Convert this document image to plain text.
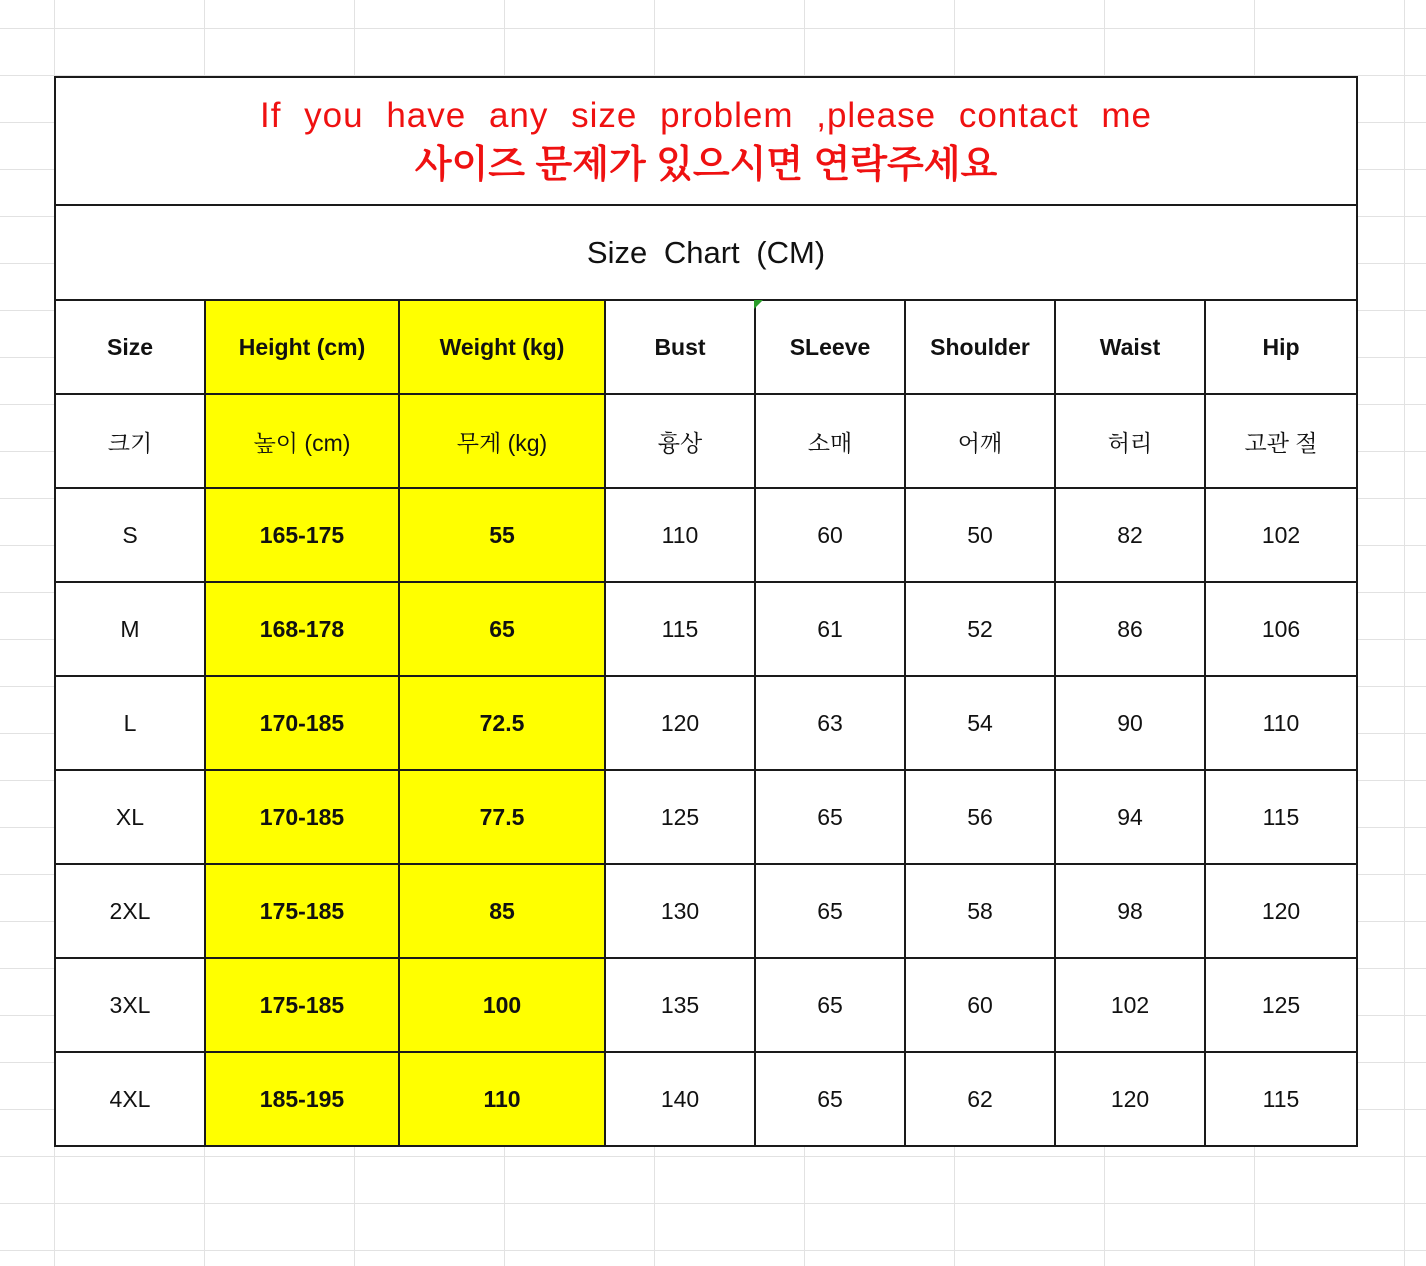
If you have any size problem ,please contact me
사이즈 문제가 있으시면 연락주세요							

Size Chart (CM)							
Size	Height (cm)	Weight (kg)	Bust	SLeeve	Shoulder	Waist	Hip
크기	높이 (cm)	무게 (kg)	흉상	소매	어깨	허리	고관 절
S	165-175	55	110	60	50	82	102
M	168-178	65	115	61	52	86	106
L	170-185	72.5	120	63	54	90	110
XL	170-185	77.5	125	65	56	94	115
2XL	175-185	85	130	65	58	98	120
3XL	175-185	100	135	65	60	102	125
4XL	185-195	110	140	65	62	120	115
